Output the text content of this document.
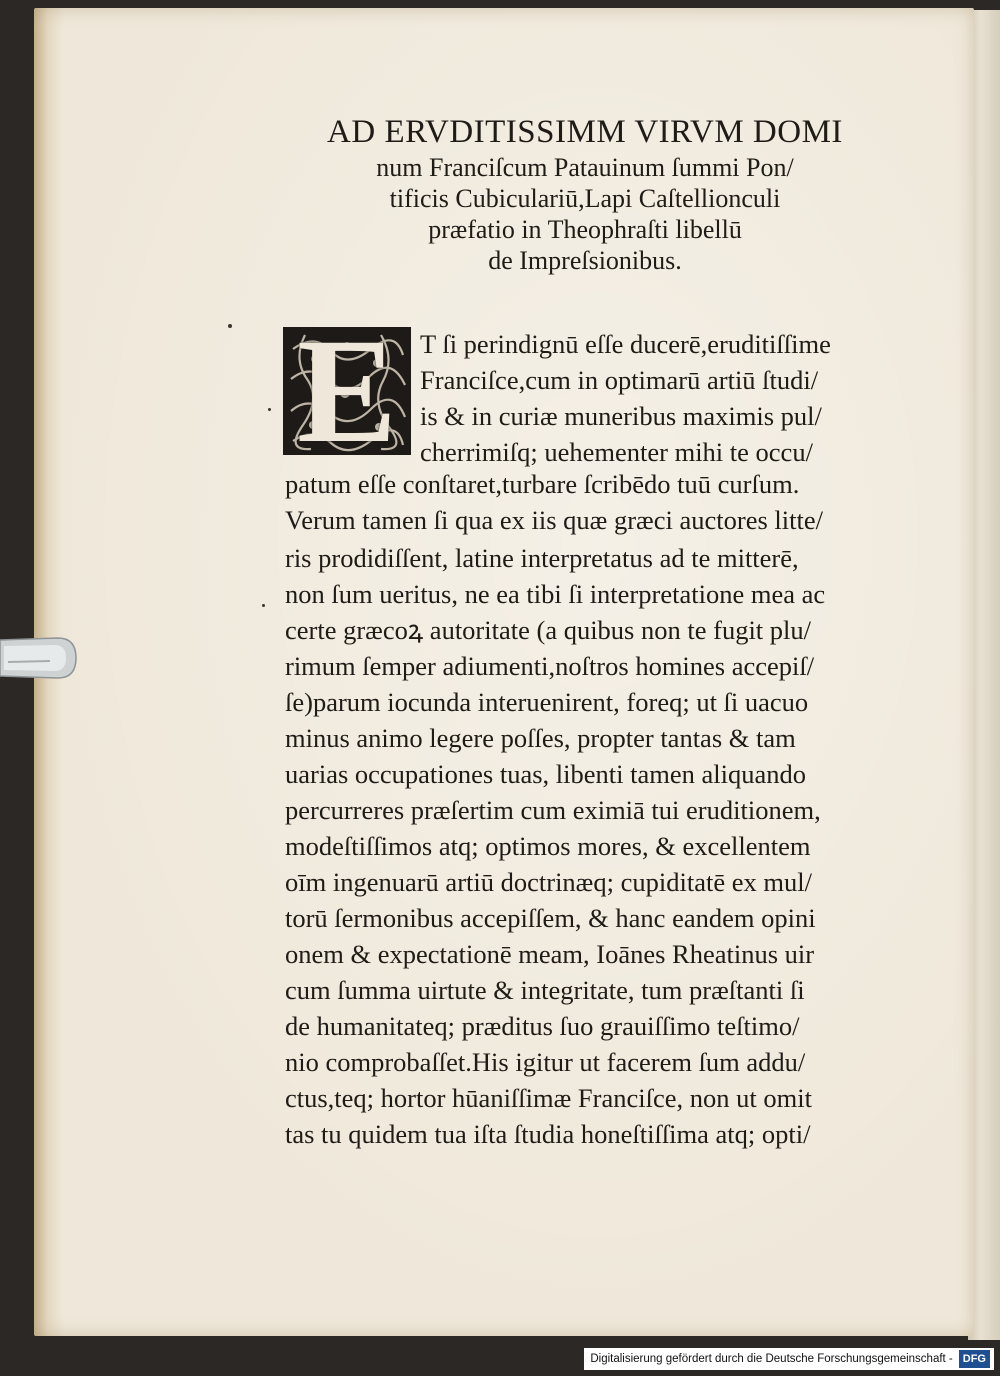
AD ERVDITISSIMM VIRVM DOMI
num Franciſcum Patauinum ſummi Pon/
tificis Cubiculariū,Lapi Caſtellionculi
præfatio in Theophraſti libellū
de Impreſsionibus.
E T ſi perindignū eſſe ducerē,eruditiſſime
Franciſce,cum in optimarū artiū ſtudi/
is & in curiæ muneribus maximis pul/
cherrimiſq; uehementer mihi te occu/
patum eſſe conſtaret,turbare ſcribēdo tuū curſum.
Verum tamen ſi qua ex iis quæ græci auctores litte/
ris prodidiſſent, latine interpretatus ad te mitterē,
non ſum ueritus, ne ea tibi ſi interpretatione mea ac
certe græcoꝝ autoritate (a quibus non te fugit plu/
rimum ſemper adiumenti,noſtros homines accepiſ/
ſe)parum iocunda interuenirent, foreq; ut ſi uacuo
minus animo legere poſſes, propter tantas & tam
uarias occupationes tuas, libenti tamen aliquando
percurreres præſertim cum eximiā tui eruditionem,
modeſtiſſimos atq; optimos mores, & excellentem
oīm ingenuarū artiū doctrinæq; cupiditatē ex mul/
torū ſermonibus accepiſſem, & hanc eandem opini
onem & expectationē meam, Ioānes Rheatinus uir
cum ſumma uirtute & integritate, tum præſtanti ſi
de humanitateq; præditus ſuo grauiſſimo teſtimo/
nio comprobaſſet.His igitur ut facerem ſum addu/
ctus,teq; hortor hūaniſſimæ Franciſce, non ut omit
tas tu quidem tua iſta ſtudia honeſtiſſima atq; opti/
Digitalisierung gefördert durch die Deutsche Forschungsgemeinschaft - DFG
